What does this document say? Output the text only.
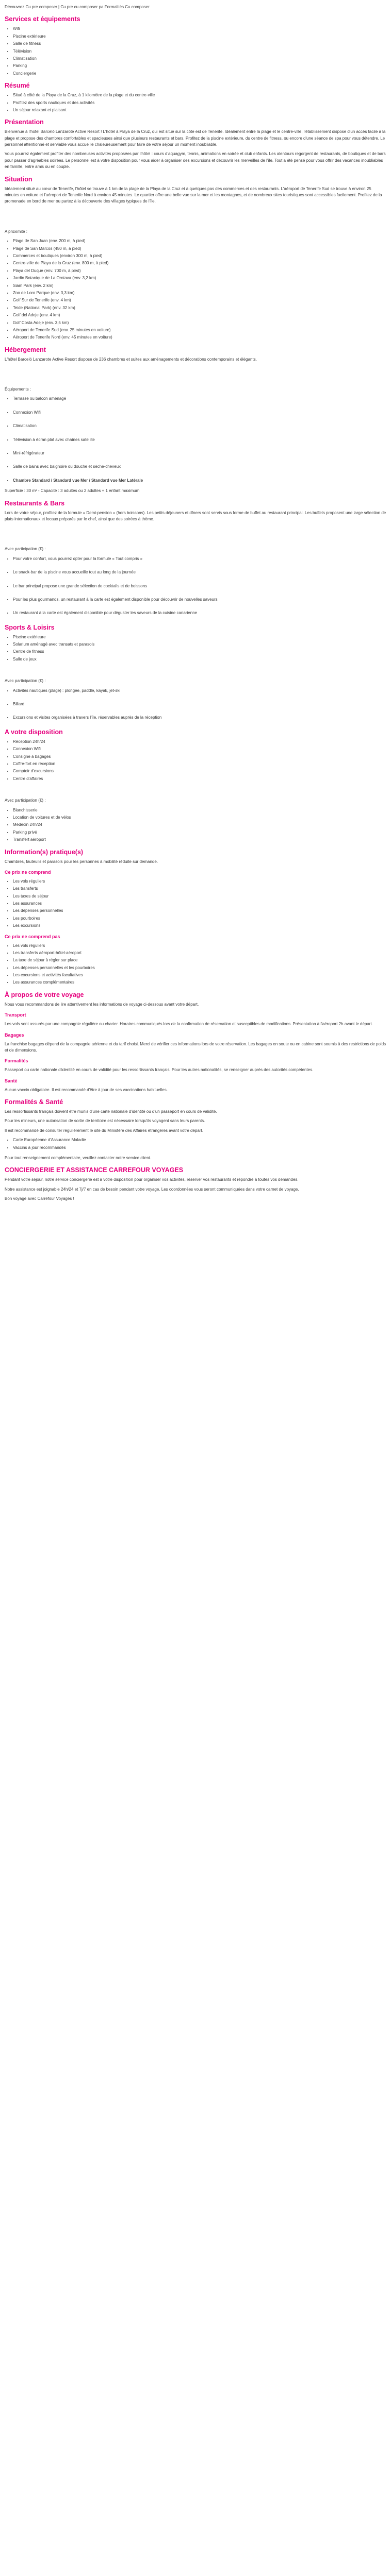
Découvrez Cu pre composer | Cu pre cu composer pa Formalités Cu composer

Services et équipements
• Wifi
• Piscine extérieure
• Salle de fitness
• Télévision
• Climatisation
• Parking
• Conciergerie
Résumé
• Situé à côté de la Playa de la Cruz, à 1 kilomètre de la plage et du centre-ville
• Profitez des sports nautiques et des activités
• Un séjour relaxant et plaisant
Présentation

Bienvenue à l'hotel Barceló Lanzarote Active Resort ! L'hotel à Playa de la Cruz, qui est situé sur la côte est de Tenerife. Idéalement entre la plage et le centre-ville, l'établissement dispose d'un accès facile à la plage et propose des chambres confortables et spacieuses ainsi que plusieurs restaurants et bars. Profitez de la piscine extérieure, du centre de fitness, ou encore d'une séance de spa pour vous détendre. Le personnel attentionné et serviable vous accueille chaleureusement pour faire de votre séjour un moment inoubliable.

Vous pourrez également profiter des nombreuses activités proposées par l'hôtel : cours d'aquagym, tennis, animations en soirée et club enfants. Les alentours regorgent de restaurants, de boutiques et de bars pour passer d'agréables soirées. Le personnel est à votre disposition pour vous aider à organiser des excursions et découvrir les merveilles de l'île. Tout a été pensé pour vous offrir des vacances inoubliables en famille, entre amis ou en couple.

Situation

Idéalement situé au cœur de Tenerife, l'hôtel se trouve à 1 km de la plage de la Playa de la Cruz et à quelques pas des commerces et des restaurants. L'aéroport de Tenerife Sud se trouve à environ 25 minutes en voiture et l'aéroport de Tenerife Nord à environ 45 minutes. Le quartier offre une belle vue sur la mer et les montagnes, et de nombreux sites touristiques sont accessibles facilement. Profitez de la promenade en bord de mer ou partez à la découverte des villages typiques de l'île.

A proximité :

• Plage de San Juan (env. 200 m, à pied)
• Plage de San Marcos (450 m, à pied)
• Commerces et boutiques (environ 300 m, à pied)
• Centre-ville de Playa de la Cruz (env. 800 m, à pied)
• Playa del Duque (env. 700 m, à pied)
• Jardin Botanique de La Orotava (env. 3,2 km)
• Siam Park (env. 2 km)
• Zoo de Loro Parque (env. 3,3 km)
• Golf Sur de Tenerife (env. 4 km)
• Teide (National Park) (env. 32 km)
• Golf del Adeje (env. 4 km)
• Golf Costa Adeje (env. 3,5 km)
• Aéroport de Tenerife Sud (env. 25 minutes en voiture)
• Aéroport de Tenerife Nord (env. 45 minutes en voiture)
Hébergement

L'hôtel Barceló Lanzarote Active Resort dispose de 236 chambres et suites aux aménagements et décorations contemporains et élégants.

Équipements :

• Terrasse ou balcon aménagé
• Connexion Wifi
• Climatisation
• Télévision à écran plat avec chaînes satellite
• Mini-réfrigérateur
• Salle de bains avec baignoire ou douche et sèche-cheveux
• Chambre Standard / Standard vue Mer / Standard vue Mer Latérale

Superficie : 30 m² - Capacité : 3 adultes ou 2 adultes + 1 enfant maximum

Restaurants & Bars

Lors de votre séjour, profitez de la formule « Demi-pension » (hors boissons). Les petits déjeuners et dîners sont servis sous forme de buffet au restaurant principal. Les buffets proposent une large sélection de plats internationaux et locaux préparés par le chef, ainsi que des soirées à thème.

Avec participation (€) :

• Pour votre confort, vous pourrez opter pour la formule « Tout compris »
• Le snack-bar de la piscine vous accueille tout au long de la journée
• Le bar principal propose une grande sélection de cocktails et de boissons
• Pour les plus gourmands, un restaurant à la carte est également disponible pour découvrir de nouvelles saveurs
• Un restaurant à la carte est également disponible pour déguster les saveurs de la cuisine canarienne
Sports & Loisirs
• Piscine extérieure
• Solarium aménagé avec transats et parasols
• Centre de fitness
• Salle de jeux

Avec participation (€) :

• Activités nautiques (plage) : plongée, paddle, kayak, jet-ski
• Billard
• Excursions et visites organisées à travers l'île, réservables auprès de la réception
A votre disposition
• Réception 24h/24
• Connexion Wifi
• Consigne à bagages
• Coffre-fort en réception
• Comptoir d'excursions
• Centre d'affaires

Avec participation (€) :

• Blanchisserie
• Location de voitures et de vélos
• Médecin 24h/24
• Parking privé
• Transfert aéroport
Information(s) pratique(s)

Chambres, fauteuils et parasols pour les personnes à mobilité réduite sur demande.

Ce prix ne comprend
• Les vols réguliers
• Les transferts
• Les taxes de séjour
• Les assurances
• Les dépenses personnelles
• Les pourboires
• Les excursions
Ce prix ne comprend pas
• Les vols réguliers
• Les transferts aéroport-hôtel-aéroport
• La taxe de séjour à régler sur place
• Les dépenses personnelles et les pourboires
• Les excursions et activités facultatives
• Les assurances complémentaires
À propos de votre voyage

Nous vous recommandons de lire attentivement les informations de voyage ci-dessous avant votre départ.

Transport

Les vols sont assurés par une compagnie régulière ou charter. Horaires communiqués lors de la confirmation de réservation et susceptibles de modifications. Présentation à l'aéroport 2h avant le départ.

Bagages

La franchise bagages dépend de la compagnie aérienne et du tarif choisi. Merci de vérifier ces informations lors de votre réservation. Les bagages en soute ou en cabine sont soumis à des restrictions de poids et de dimensions.

Formalités

Passeport ou carte nationale d'identité en cours de validité pour les ressortissants français. Pour les autres nationalités, se renseigner auprès des autorités compétentes.

Santé

Aucun vaccin obligatoire. Il est recommandé d'être à jour de ses vaccinations habituelles.

Formalités & Santé

Les ressortissants français doivent être munis d'une carte nationale d'identité ou d'un passeport en cours de validité.

Pour les mineurs, une autorisation de sortie de territoire est nécessaire lorsqu'ils voyagent sans leurs parents.

Il est recommandé de consulter régulièrement le site du Ministère des Affaires étrangères avant votre départ.

• Carte Européenne d'Assurance Maladie
• Vaccins à jour recommandés

Pour tout renseignement complémentaire, veuillez contacter notre service client.

CONCIERGERIE ET ASSISTANCE CARREFOUR VOYAGES

Pendant votre séjour, notre service conciergerie est à votre disposition pour organiser vos activités, réserver vos restaurants et répondre à toutes vos demandes.

Notre assistance est joignable 24h/24 et 7j/7 en cas de besoin pendant votre voyage. Les coordonnées vous seront communiquées dans votre carnet de voyage.

Bon voyage avec Carrefour Voyages !
